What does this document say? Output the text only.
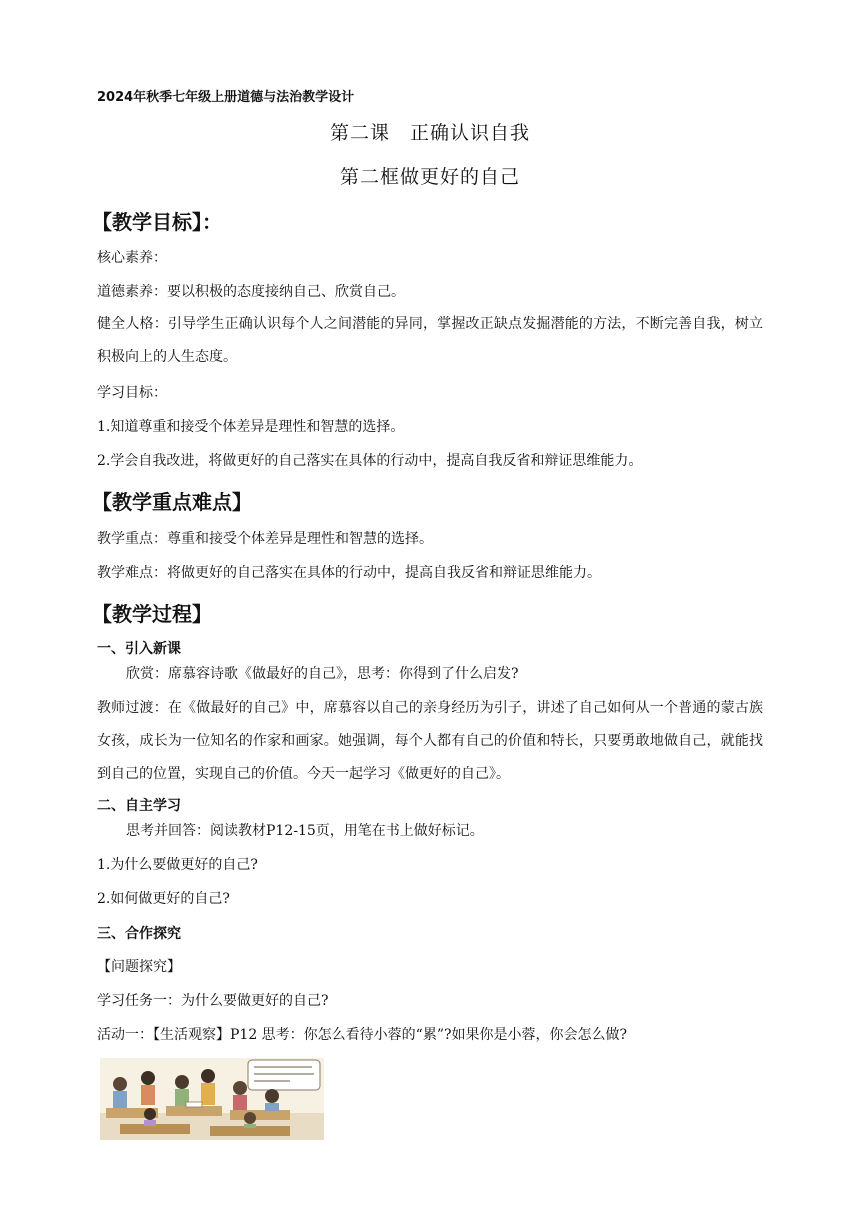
2024年秋季七年级上册道德与法治教学设计
第二课　正确认识自我
第二框做更好的自己
【教学目标】：
核心素养：
道德素养：要以积极的态度接纳自己、欣赏自己。
健全人格：引导学生正确认识每个人之间潜能的异同，掌握改正缺点发掘潜能的方法，不断完善自我，树立积极向上的人生态度。
学习目标：
1.知道尊重和接受个体差异是理性和智慧的选择。
2.学会自我改进，将做更好的自己落实在具体的行动中，提高自我反省和辩证思维能力。
【教学重点难点】
教学重点：尊重和接受个体差异是理性和智慧的选择。
教学难点：将做更好的自己落实在具体的行动中，提高自我反省和辩证思维能力。
【教学过程】
一、引入新课
欣赏：席慕容诗歌《做最好的自己》，思考：你得到了什么启发?
教师过渡：在《做最好的自己》中，席慕容以自己的亲身经历为引子，讲述了自己如何从一个普通的蒙古族女孩，成长为一位知名的作家和画家。她强调，每个人都有自己的价值和特长，只要勇敢地做自己，就能找到自己的位置，实现自己的价值。今天一起学习《做更好的自己》。
二、自主学习
思考并回答：阅读教材P12-15页，用笔在书上做好标记。
1.为什么要做更好的自己?
2.如何做更好的自己?
三、合作探究
【问题探究】
学习任务一：为什么要做更好的自己?
活动一：【生活观察】P12 思考：你怎么看待小蓉的“累”?如果你是小蓉，你会怎么做?
